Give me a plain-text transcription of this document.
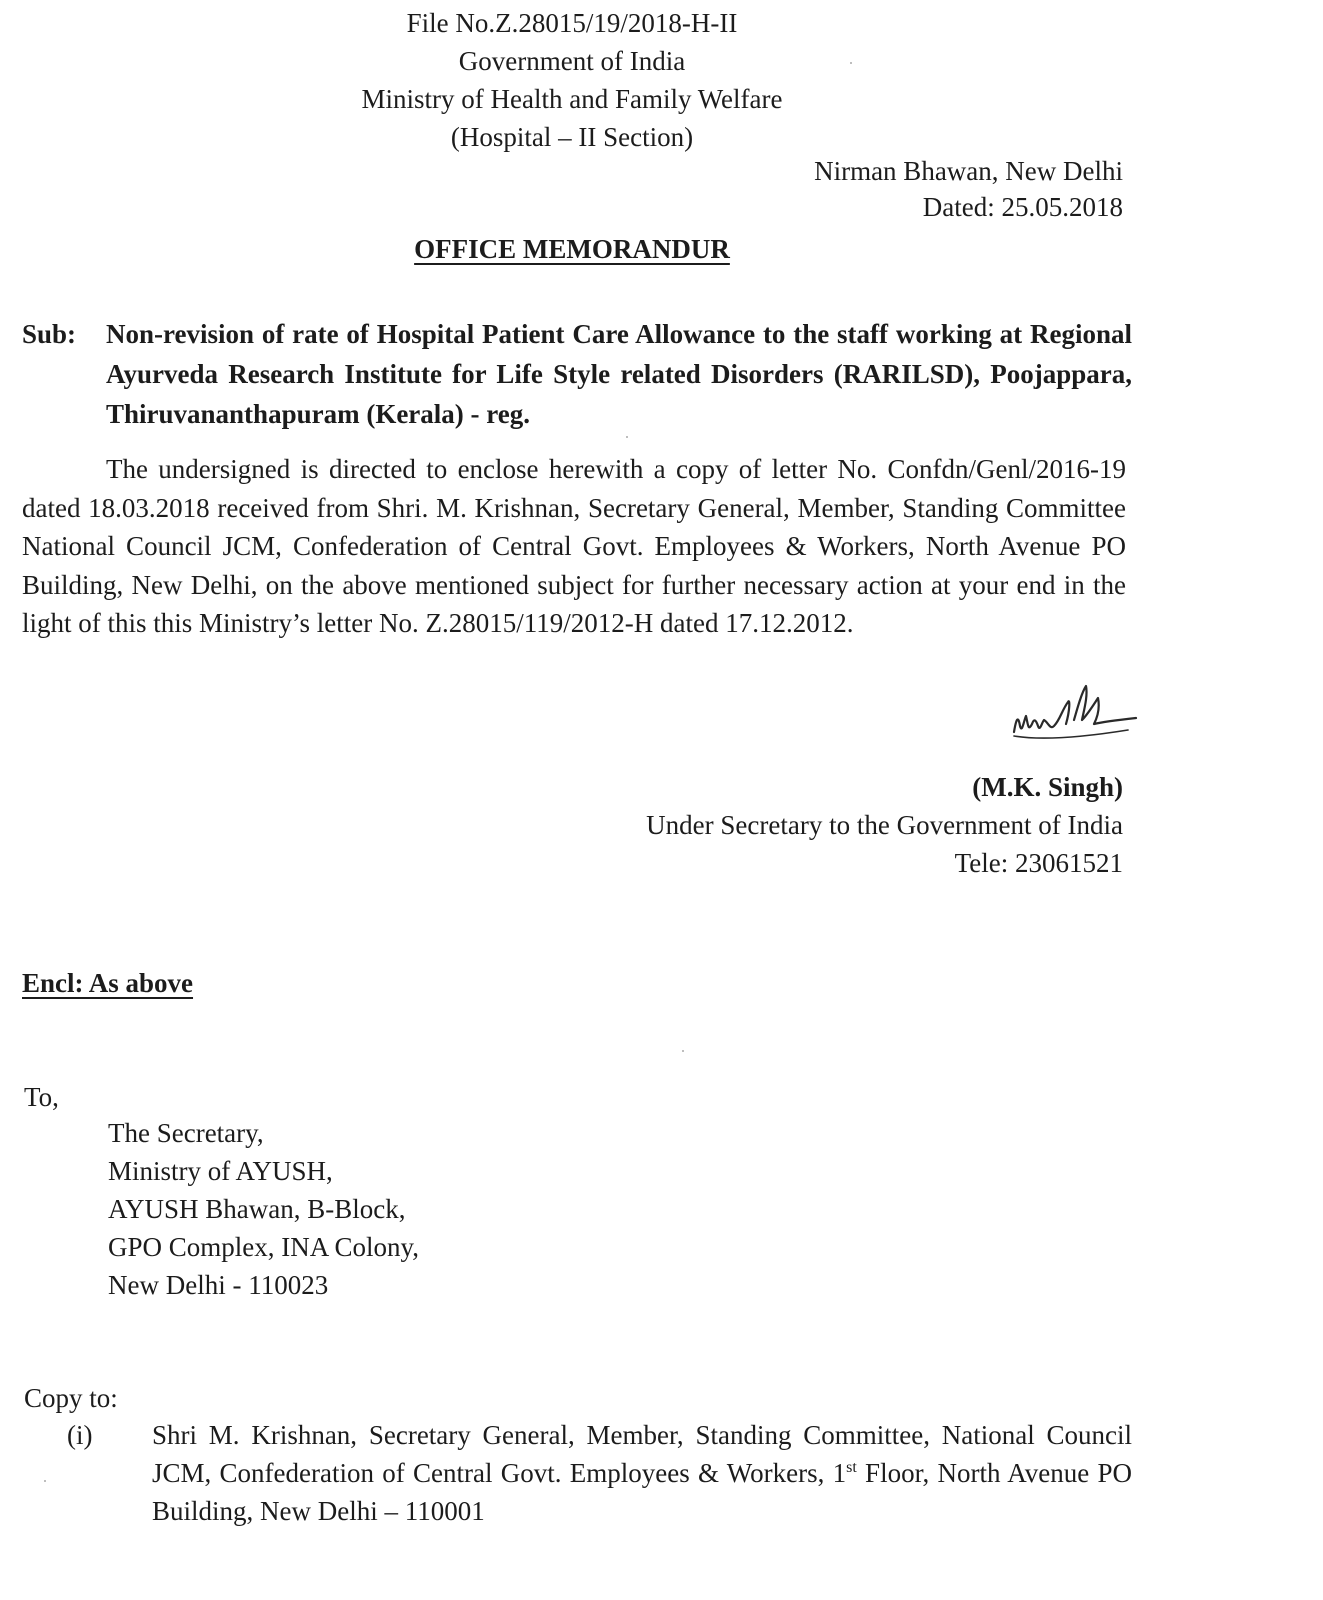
File No.Z.28015/19/2018-H-II
Government of India
Ministry of Health and Family Welfare
(Hospital – II Section)
Nirman Bhawan, New Delhi
Dated: 25.05.2018
OFFICE MEMORANDUR
Sub: Non-revision of rate of Hospital Patient Care Allowance to the staff working at Regional Ayurveda Research Institute for Life Style related Disorders (RARILSD), Poojappara, Thiruvananthapuram (Kerala) - reg.
The undersigned is directed to enclose herewith a copy of letter No. Confdn/Genl/2016-19 dated 18.03.2018 received from Shri. M. Krishnan, Secretary General, Member, Standing Committee National Council JCM, Confederation of Central Govt. Employees & Workers, North Avenue PO Building, New Delhi, on the above mentioned subject for further necessary action at your end in the light of this this Ministry’s letter No. Z.28015/119/2012-H dated 17.12.2012.
(M.K. Singh)
Under Secretary to the Government of India
Tele: 23061521
Encl: As above
To,
The Secretary,
Ministry of AYUSH,
AYUSH Bhawan, B-Block,
GPO Complex, INA Colony,
New Delhi - 110023
Copy to:
(i) Shri M. Krishnan, Secretary General, Member, Standing Committee, National Council JCM, Confederation of Central Govt. Employees & Workers, 1st Floor, North Avenue PO Building, New Delhi – 110001
